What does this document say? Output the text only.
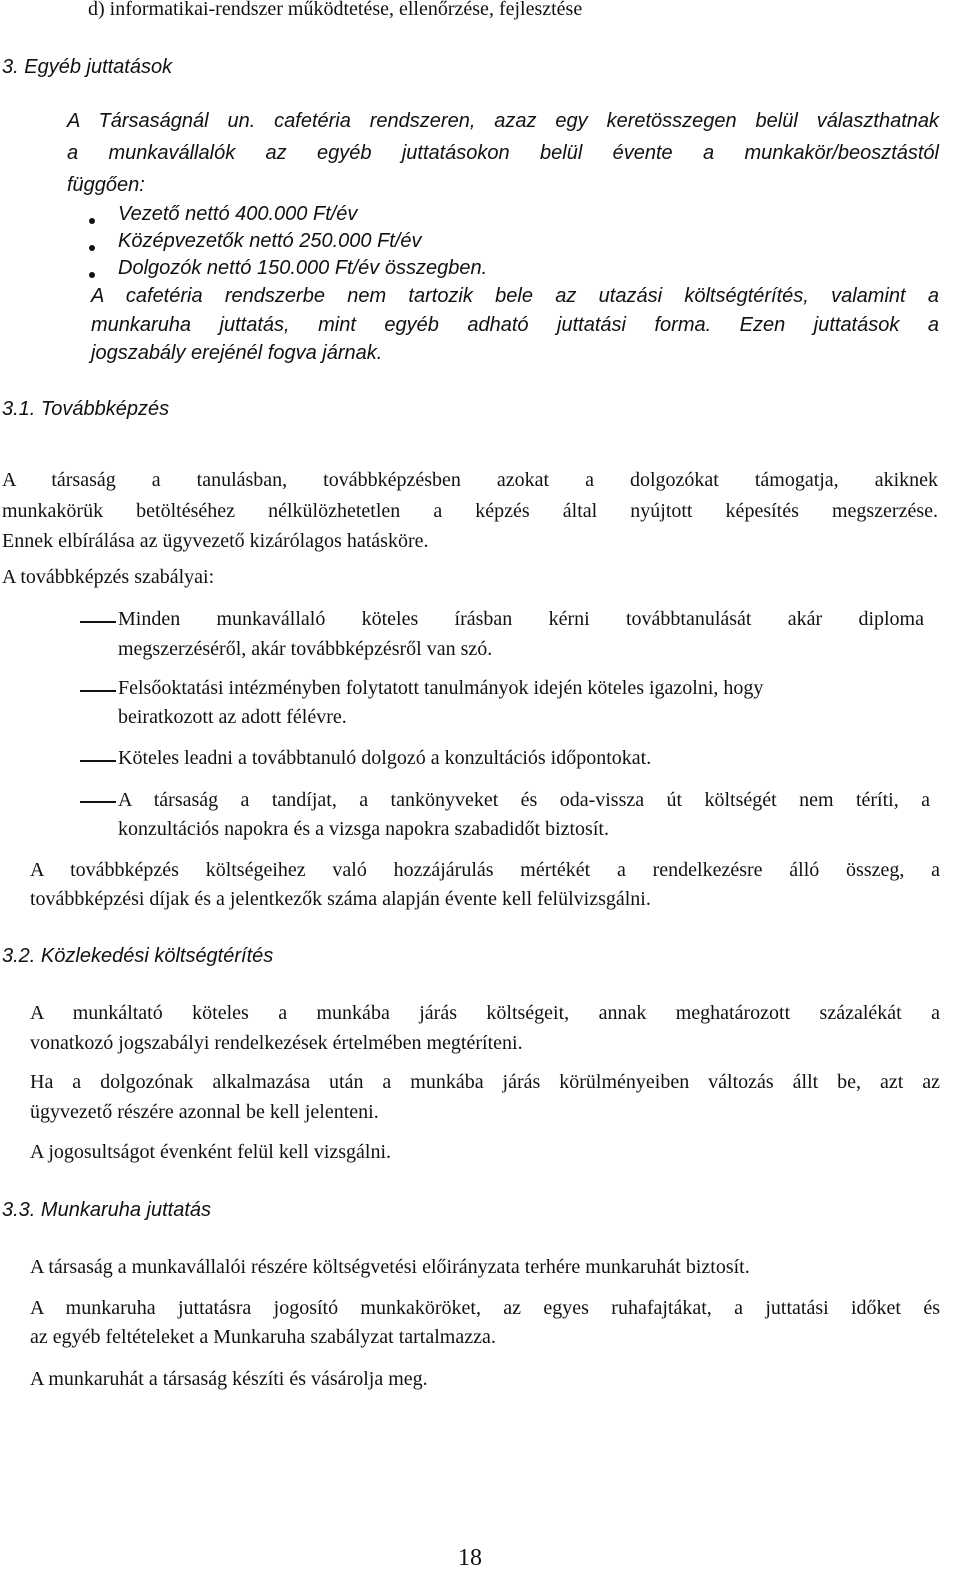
d) informatikai-rendszer működtetése, ellenőrzése, fejlesztése
3. Egyéb juttatások
A Társaságnál un. cafetéria rendszeren, azaz egy keretösszegen belül választhatnak
a munkavállalók az egyéb juttatásokon belül évente a munkakör/beosztástól
függően:
Vezető nettó 400.000 Ft/év
Középvezetők nettó 250.000 Ft/év
Dolgozók nettó 150.000 Ft/év összegben.
A cafetéria rendszerbe nem tartozik bele az utazási költségtérítés, valamint a
munkaruha juttatás, mint egyéb adható juttatási forma. Ezen juttatások a
jogszabály erejénél fogva járnak.
3.1. Továbbképzés
A társaság a tanulásban, továbbképzésben azokat a dolgozókat támogatja, akiknek
munkakörük betöltéséhez nélkülözhetetlen a képzés által nyújtott képesítés megszerzése.
Ennek elbírálása az ügyvezető kizárólagos hatásköre.
A továbbképzés szabályai:
Minden munkavállaló köteles írásban kérni továbbtanulását akár diploma
megszerzéséről, akár továbbképzésről van szó.
Felsőoktatási intézményben folytatott tanulmányok idején köteles igazolni, hogy
beiratkozott az adott félévre.
Köteles leadni a továbbtanuló dolgozó a konzultációs időpontokat.
A társaság a tandíjat, a tankönyveket és oda-vissza út költségét nem téríti, a
konzultációs napokra és a vizsga napokra szabadidőt biztosít.
A továbbképzés költségeihez való hozzájárulás mértékét a rendelkezésre álló összeg, a
továbbképzési díjak és a jelentkezők száma alapján évente kell felülvizsgálni.
3.2. Közlekedési költségtérítés
A munkáltató köteles a munkába járás költségeit, annak meghatározott százalékát a
vonatkozó jogszabályi rendelkezések értelmében megtéríteni.
Ha a dolgozónak alkalmazása után a munkába járás körülményeiben változás állt be, azt az
ügyvezető részére azonnal be kell jelenteni.
A jogosultságot évenként felül kell vizsgálni.
3.3. Munkaruha juttatás
A társaság a munkavállalói részére költségvetési előirányzata terhére munkaruhát biztosít.
A munkaruha juttatásra jogosító munkaköröket, az egyes ruhafajtákat, a juttatási időket és
az egyéb feltételeket a Munkaruha szabályzat tartalmazza.
A munkaruhát a társaság készíti és vásárolja meg.
18
